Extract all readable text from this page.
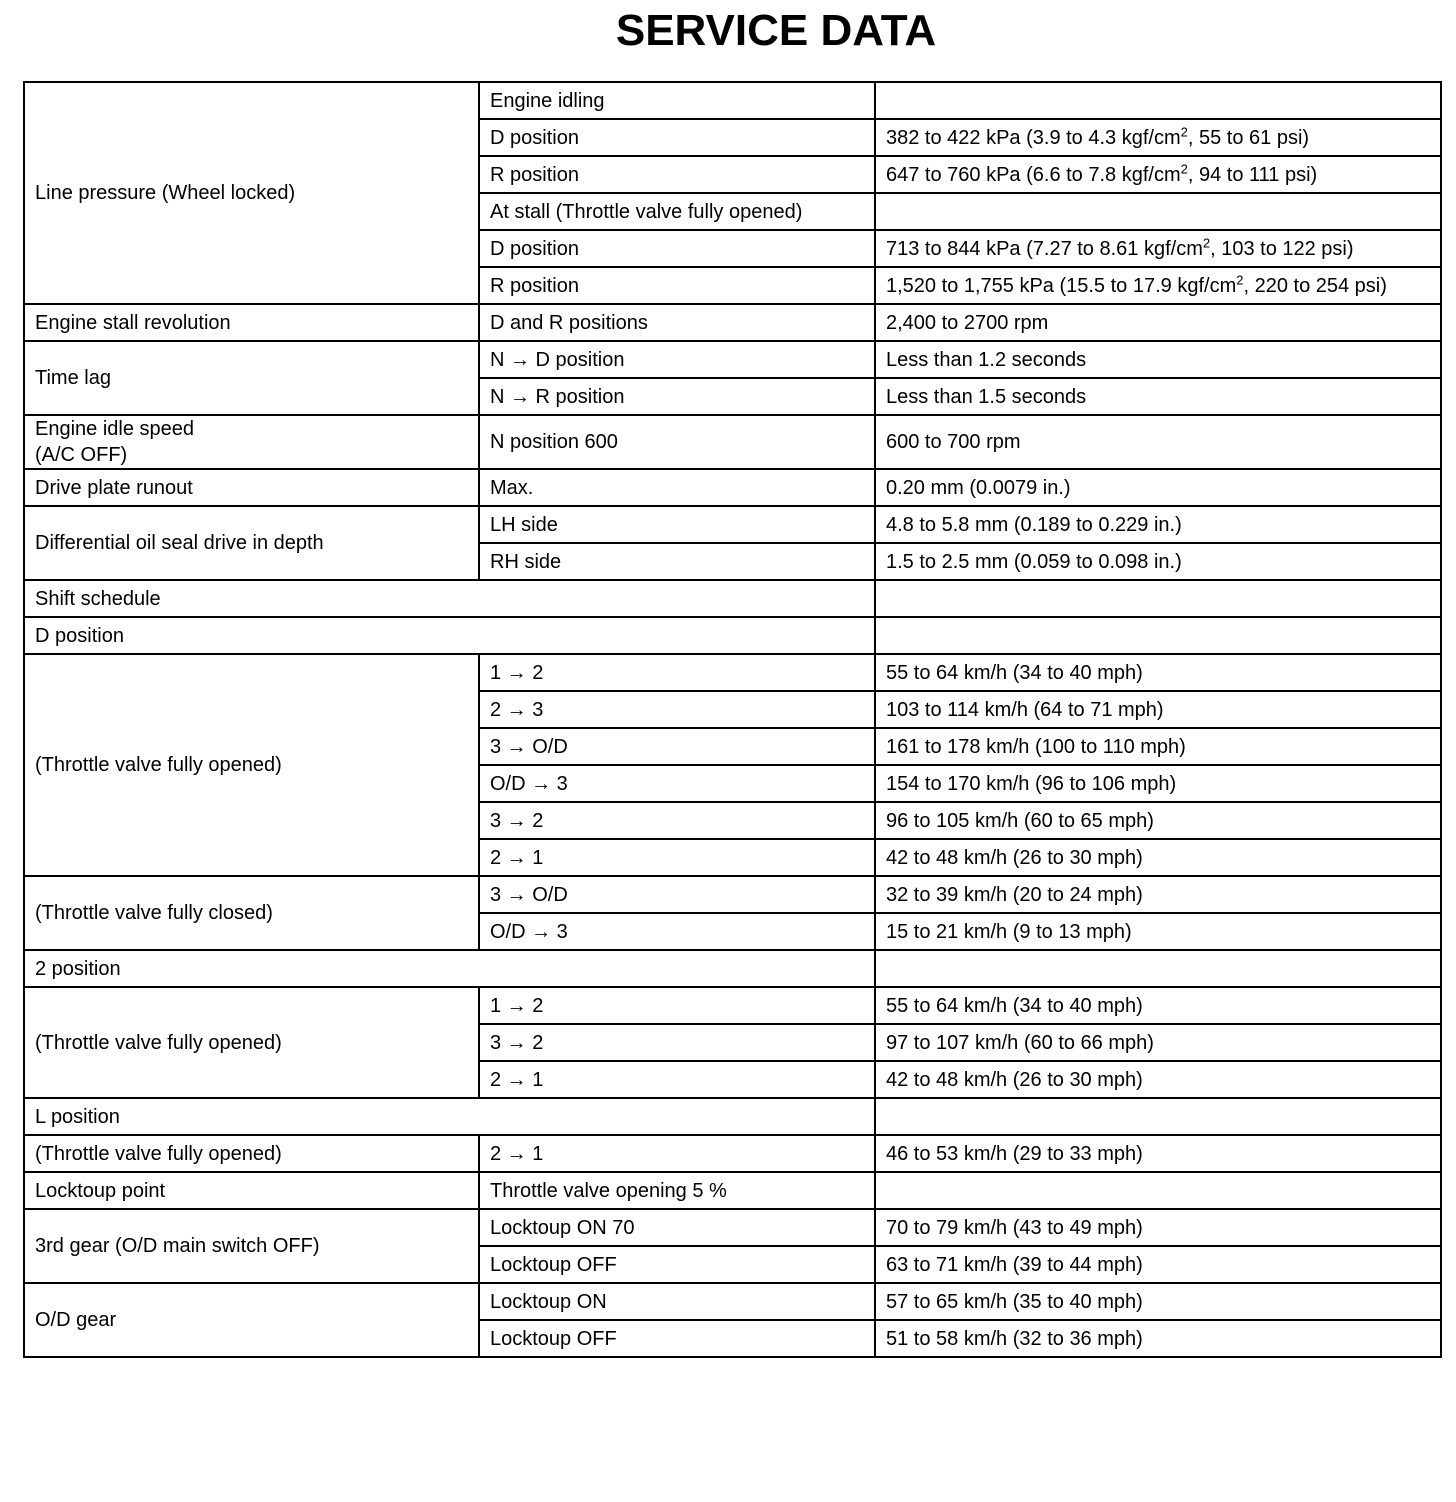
SERVICE DATA
Line pressure (Wheel locked)	Engine idling	
	D position	382 to 422 kPa (3.9 to 4.3 kgf/$cm^2$, 55 to 61 psi)
	R position	647 to 760 kPa (6.6 to 7.8 kgf/$cm^2$, 94 to 111 psi)
	At stall (Throttle valve fully opened)	
	D position	713 to 844 kPa (7.27 to 8.61 kgf/$cm^2$, 103 to 122 psi)
	R position	1,520 to 1,755 kPa (15.5 to 17.9 kgf/$cm^2$, 220 to 254 psi)
Engine stall revolution	D and R positions	2,400 to 2700 rpm
Time lag	N → D position	Less than 1.2 seconds
	N → R position	Less than 1.5 seconds
Engine idle speed
(A/C OFF)	N position 600	600 to 700 rpm
Drive plate runout	Max.	0.20 mm (0.0079 in.)
Differential oil seal drive in depth	LH side	4.8 to 5.8 mm (0.189 to 0.229 in.)
	RH side	1.5 to 2.5 mm (0.059 to 0.098 in.)
Shift schedule		
D position		
(Throttle valve fully opened)	1 → 2	55 to 64 km/h (34 to 40 mph)
	2 → 3	103 to 114 km/h (64 to 71 mph)
	3 → O/D	161 to 178 km/h (100 to 110 mph)
	O/D → 3	154 to 170 km/h (96 to 106 mph)
	3 → 2	96 to 105 km/h (60 to 65 mph)
	2 → 1	42 to 48 km/h (26 to 30 mph)
(Throttle valve fully closed)	3 → O/D	32 to 39 km/h (20 to 24 mph)
	O/D → 3	15 to 21 km/h (9 to 13 mph)
2 position		
(Throttle valve fully opened)	1 → 2	55 to 64 km/h (34 to 40 mph)
	3 → 2	97 to 107 km/h (60 to 66 mph)
	2 → 1	42 to 48 km/h (26 to 30 mph)
L position		
(Throttle valve fully opened)	2 → 1	46 to 53 km/h (29 to 33 mph)
Locktoup point	Throttle valve opening 5 %	
3rd gear (O/D main switch OFF)	Locktoup ON 70	70 to 79 km/h (43 to 49 mph)
	Locktoup OFF	63 to 71 km/h (39 to 44 mph)
O/D gear	Locktoup ON	57 to 65 km/h (35 to 40 mph)
	Locktoup OFF	51 to 58 km/h (32 to 36 mph)
